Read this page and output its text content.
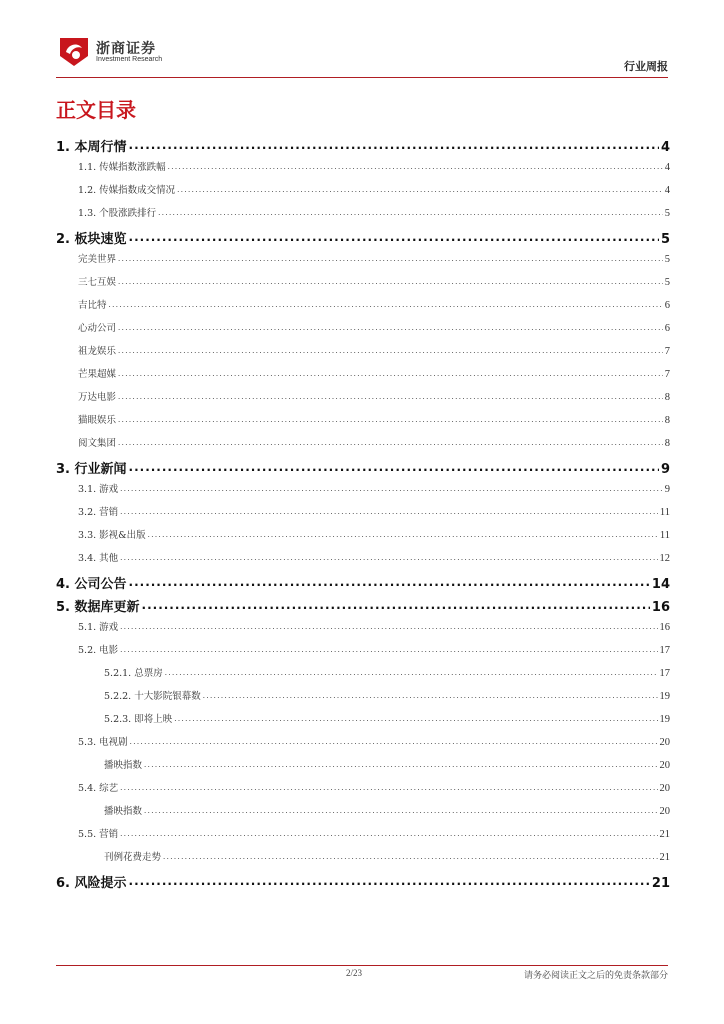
浙商证券
Investment Research
行业周报
正文目录
1. 本周行情 .....	4
1.1. 传媒指数涨跌幅 .....	4
1.2. 传媒指数成交情况 .....	4
1.3. 个股涨跌排行 .....	5
2. 板块速览 .....	5
完美世界 .....	5
三七互娱 .....	5
吉比特 .....	6
心动公司 .....	6
祖龙娱乐 .....	7
芒果超媒 .....	7
万达电影 .....	8
猫眼娱乐 .....	8
阅文集团 .....	8
3. 行业新闻 .....	9
3.1. 游戏 .....	9
3.2. 营销 .....	11
3.3. 影视&出版 .....	11
3.4. 其他 .....	12
4. 公司公告 .....	14
5. 数据库更新 .....	16
5.1. 游戏 .....	16
5.2. 电影 .....	17
5.2.1. 总票房 .....	17
5.2.2. 十大影院银幕数 .....	19
5.2.3. 即将上映 .....	19
5.3. 电视剧 .....	20
播映指数 .....	20
5.4. 综艺 .....	20
播映指数 .....	20
5.5. 营销 .....	21
刊例花费走势 .....	21
6. 风险提示 .....	21
2/23	请务必阅读正文之后的免责条款部分
